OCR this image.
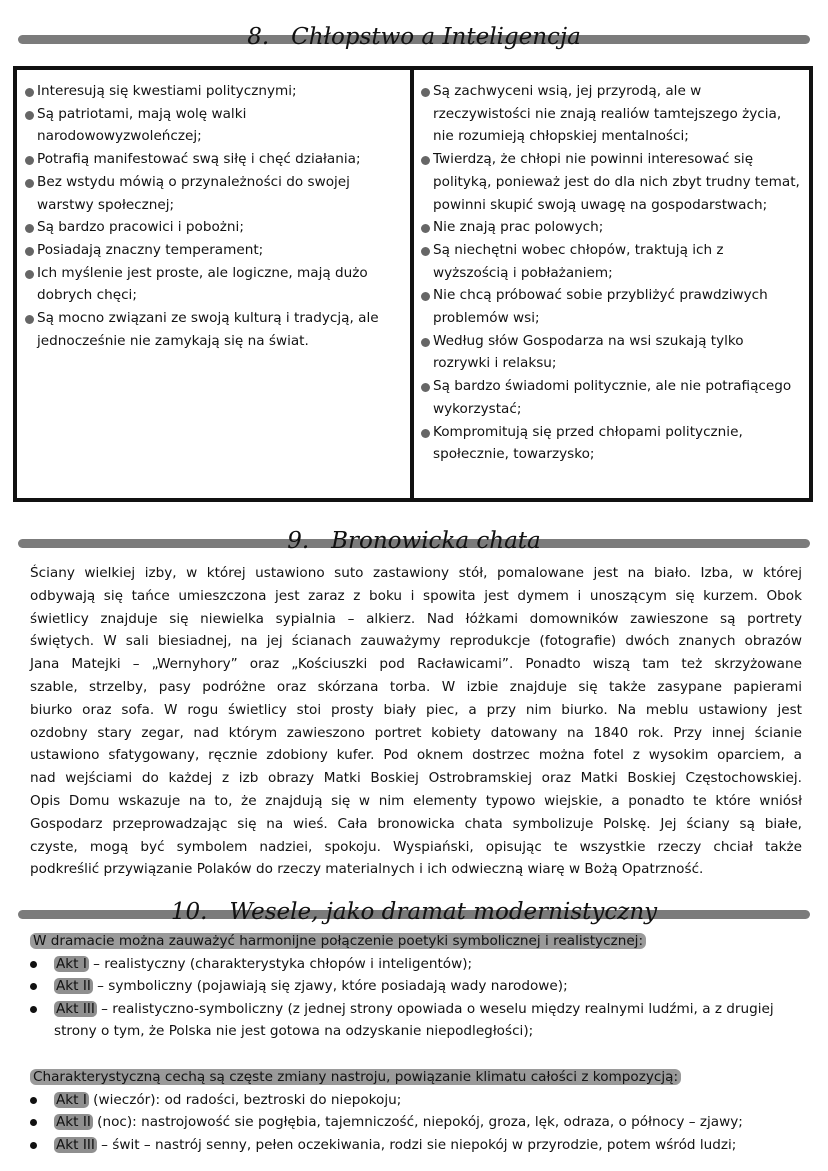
8. Chłopstwo a Inteligencja
Interesują się kwestiami politycznymi;
Są patriotami, mają wolę walki narodowowyzwoleńczej;
Potrafią manifestować swą siłę i chęć działania;
Bez wstydu mówią o przynależności do swojej warstwy społecznej;
Są bardzo pracowici i pobożni;
Posiadają znaczny temperament;
Ich myślenie jest proste, ale logiczne, mają dużo dobrych chęci;
Są mocno związani ze swoją kulturą i tradycją, ale jednocześnie nie zamykają się na świat.
Są zachwyceni wsią, jej przyrodą, ale w rzeczywistości nie znają realiów tamtejszego życia, nie rozumieją chłopskiej mentalności;
Twierdzą, że chłopi nie powinni interesować się polityką, ponieważ jest do dla nich zbyt trudny temat, powinni skupić swoją uwagę na gospodarstwach;
Nie znają prac polowych;
Są niechętni wobec chłopów, traktują ich z wyższością i pobłażaniem;
Nie chcą próbować sobie przybliżyć prawdziwych problemów wsi;
Według słów Gospodarza na wsi szukają tylko rozrywki i relaksu;
Są bardzo świadomi politycznie, ale nie potrafiącego wykorzystać;
Kompromitują się przed chłopami politycznie, społecznie, towarzysko;
9. Bronowicka chata
Ściany wielkiej izby, w której ustawiono suto zastawiony stół, pomalowane jest na biało. Izba, w której
odbywają się tańce umieszczona jest zaraz z boku i spowita jest dymem i unoszącym się kurzem. Obok
świetlicy znajduje się niewielka sypialnia – alkierz. Nad łóżkami domowników zawieszone są portrety
świętych. W sali biesiadnej, na jej ścianach zauważymy reprodukcje (fotografie) dwóch znanych obrazów
Jana Matejki – „Wernyhory” oraz „Kościuszki pod Racławicami”. Ponadto wiszą tam też skrzyżowane
szable, strzelby, pasy podróżne oraz skórzana torba. W izbie znajduje się także zasypane papierami
biurko oraz sofa. W rogu świetlicy stoi prosty biały piec, a przy nim biurko. Na meblu ustawiony jest
ozdobny stary zegar, nad którym zawieszono portret kobiety datowany na 1840 rok. Przy innej ścianie
ustawiono sfatygowany, ręcznie zdobiony kufer. Pod oknem dostrzec można fotel z wysokim oparciem, a
nad wejściami do każdej z izb obrazy Matki Boskiej Ostrobramskiej oraz Matki Boskiej Częstochowskiej.
Opis Domu wskazuje na to, że znajdują się w nim elementy typowo wiejskie, a ponadto te które wniósł
Gospodarz przeprowadzając się na wieś. Cała bronowicka chata symbolizuje Polskę. Jej ściany są białe,
czyste, mogą być symbolem nadziei, spokoju. Wyspiański, opisując te wszystkie rzeczy chciał także
podkreślić przywiązanie Polaków do rzeczy materialnych i ich odwieczną wiarę w Bożą Opatrzność.
10. Wesele, jako dramat modernistyczny
W dramacie można zauważyć harmonijne połączenie poetyki symbolicznej i realistycznej:
Akt I – realistyczny (charakterystyka chłopów i inteligentów);
Akt II – symboliczny (pojawiają się zjawy, które posiadają wady narodowe);
Akt III – realistyczno-symboliczny (z jednej strony opowiada o weselu między realnymi ludźmi, a z drugiej strony o tym, że Polska nie jest gotowa na odzyskanie niepodległości);
Charakterystyczną cechą są częste zmiany nastroju, powiązanie klimatu całości z kompozycją:
Akt I (wieczór): od radości, beztroski do niepokoju;
Akt II (noc): nastrojowość sie pogłębia, tajemniczość, niepokój, groza, lęk, odraza, o północy – zjawy;
Akt III – świt – nastrój senny, pełen oczekiwania, rodzi sie niepokój w przyrodzie, potem wśród ludzi;
